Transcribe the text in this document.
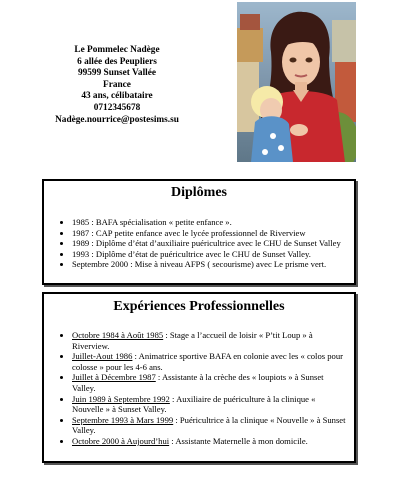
Le Pommelec Nadège
6 allée des Peupliers
99599 Sunset Vallée
France
43 ans, célibataire
0712345678
Nadège.nourrice@postesims.su
Diplômes
• 1985 : BAFA spécialisation « petite enfance ».
• 1987 : CAP petite enfance avec le lycée professionnel de Riverview
• 1989 : Diplôme d’état d’auxiliaire puéricultrice avec le CHU de Sunset Valley
• 1993 : Diplôme d’état de puéricultrice avec le CHU de Sunset Valley.
• Septembre 2000 : Mise à niveau AFPS ( secourisme) avec Le prisme vert.
Expériences Professionnelles
• Octobre 1984 à Août 1985 : Stage a l’accueil de loisir « P’tit Loup » à Riverview.
• Juillet-Aout 1986 : Animatrice sportive BAFA en colonie avec les « colos pour colosse » pour les 4-6 ans.
• Juillet à Décembre 1987 : Assistante à la crèche des « loupiots » à Sunset Valley.
• Juin 1989 à Septembre 1992 : Auxiliaire de puériculture à la clinique « Nouvelle » à Sunset Valley.
• Septembre 1993 à Mars 1999 : Puéricultrice à la clinique « Nouvelle » à Sunset Valley.
• Octobre 2000 à Aujourd’hui : Assistante Maternelle à mon domicile.
